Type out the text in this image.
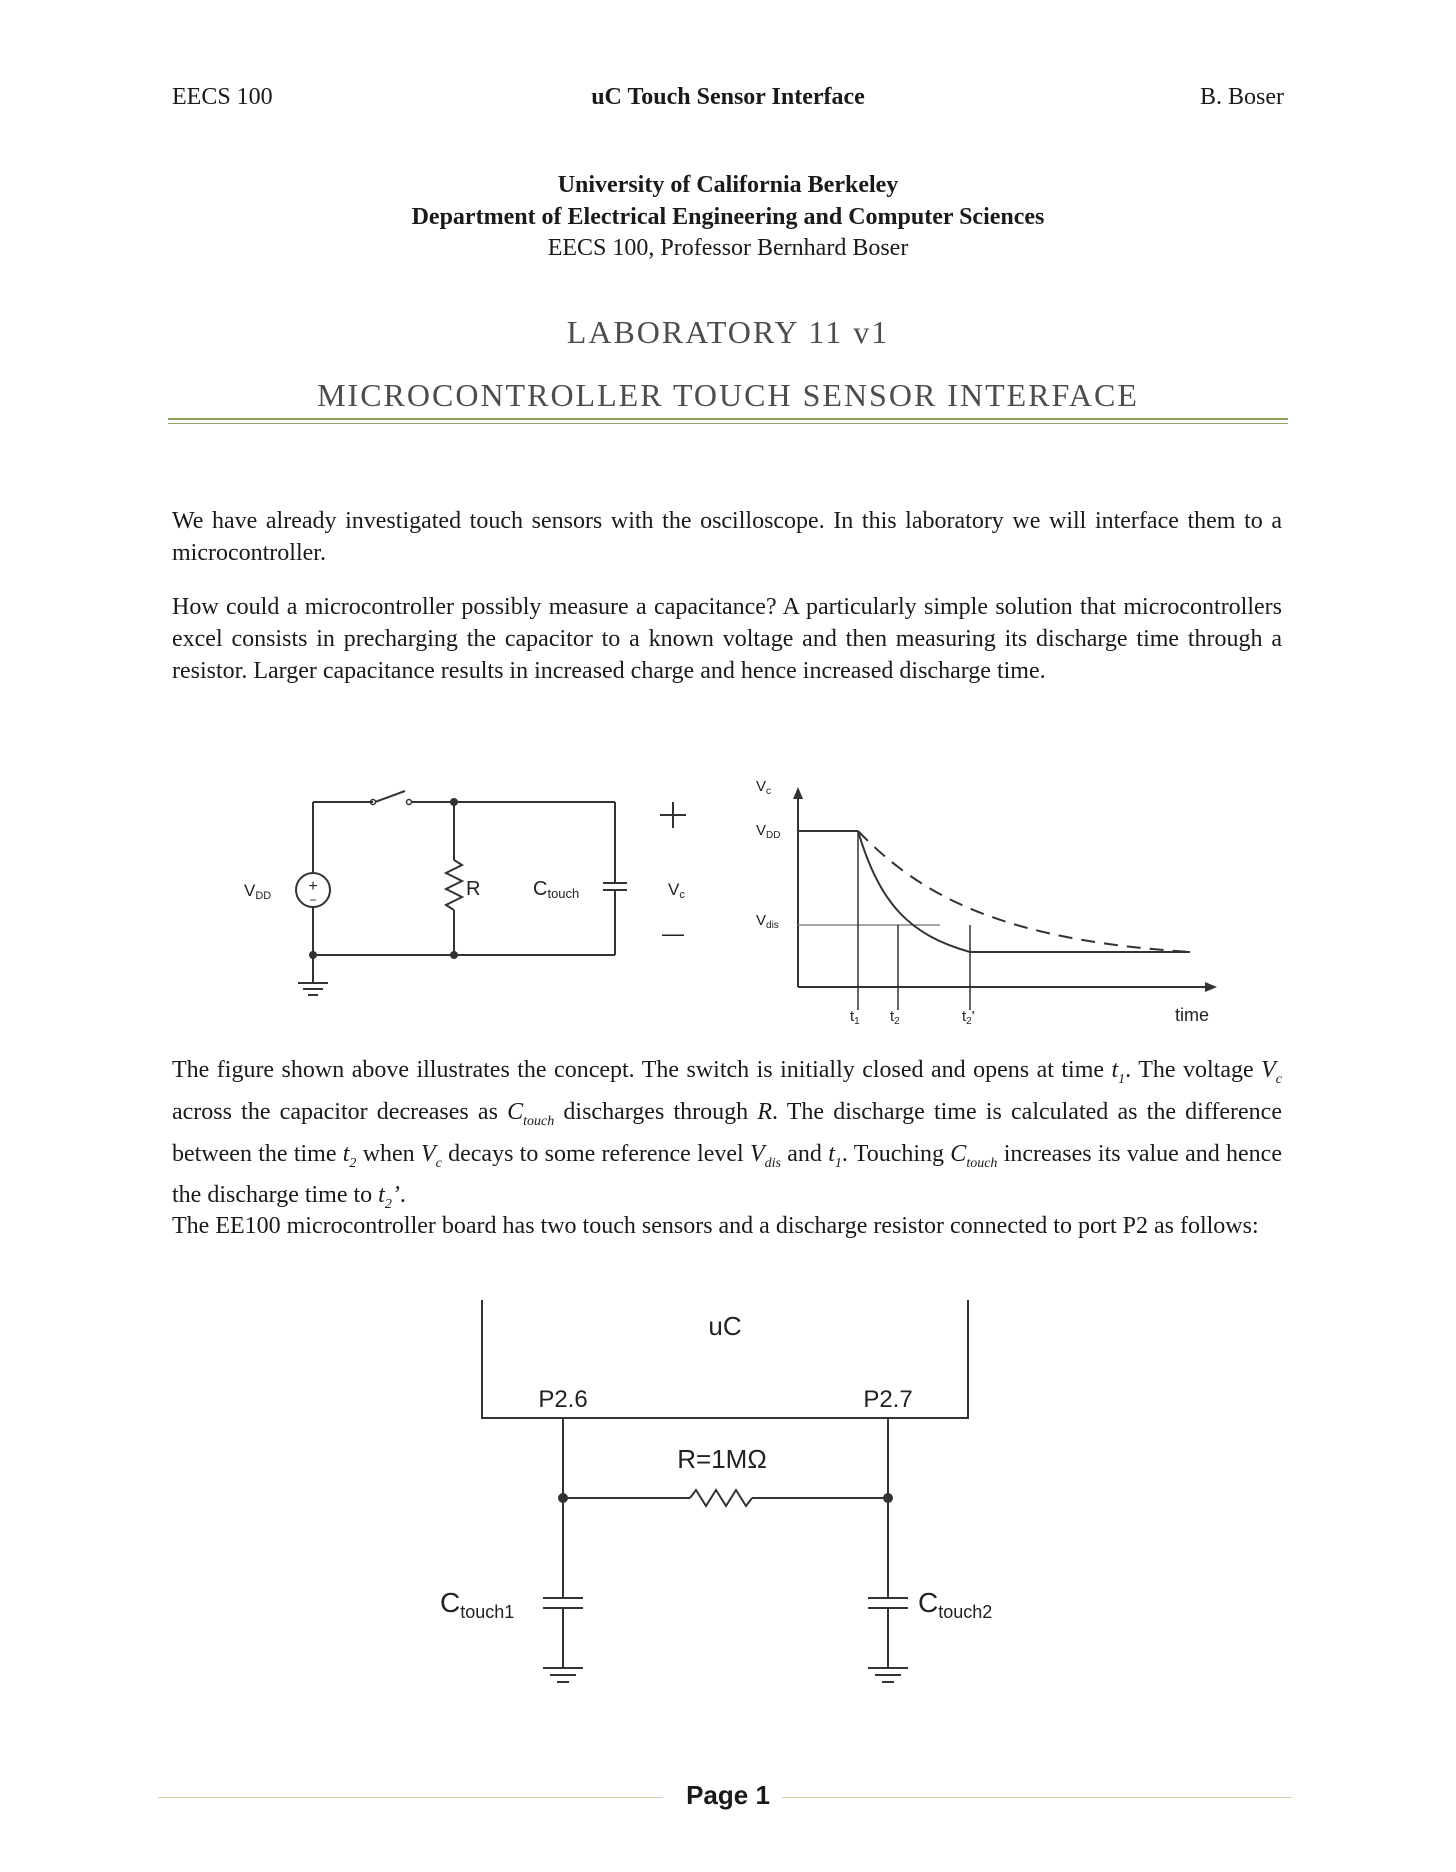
EECS 100	uC Touch Sensor Interface	B. Boser
University of California Berkeley
Department of Electrical Engineering and Computer Sciences
EECS 100, Professor Bernhard Boser
LABORATORY 11 v1
MICROCONTROLLER TOUCH SENSOR INTERFACE
We have already investigated touch sensors with the oscilloscope. In this laboratory we will interface them to a microcontroller.
How could a microcontroller possibly measure a capacitance? A particularly simple solution that microcontrollers excel consists in precharging the capacitor to a known voltage and then measuring its discharge time through a resistor. Larger capacitance results in increased charge and hence increased discharge time.
+
−
VDD	R	Ctouch
—
Vc
$V_c$
$V_{DD}$
$V_{dis}$
$t_1$ $t_2$	$t_2'$	time
The figure shown above illustrates the concept. The switch is initially closed and opens at time $t_1$. The voltage $V_c$ across the capacitor decreases as $C_{touch}$ discharges through R. The discharge time is calculated as the difference between the time $t_2$ when $V_c$ decays to some reference level $V_{dis}$ and $t_1$. Touching $C_{touch}$ increases its value and hence the discharge time to $t_2$’.
The EE100 microcontroller board has two touch sensors and a discharge resistor connected to port P2 as follows:
uC
P2.6	P2.7
R=1MΩ
$C_{touch1}$	$C_{touch2}$
Page 1
